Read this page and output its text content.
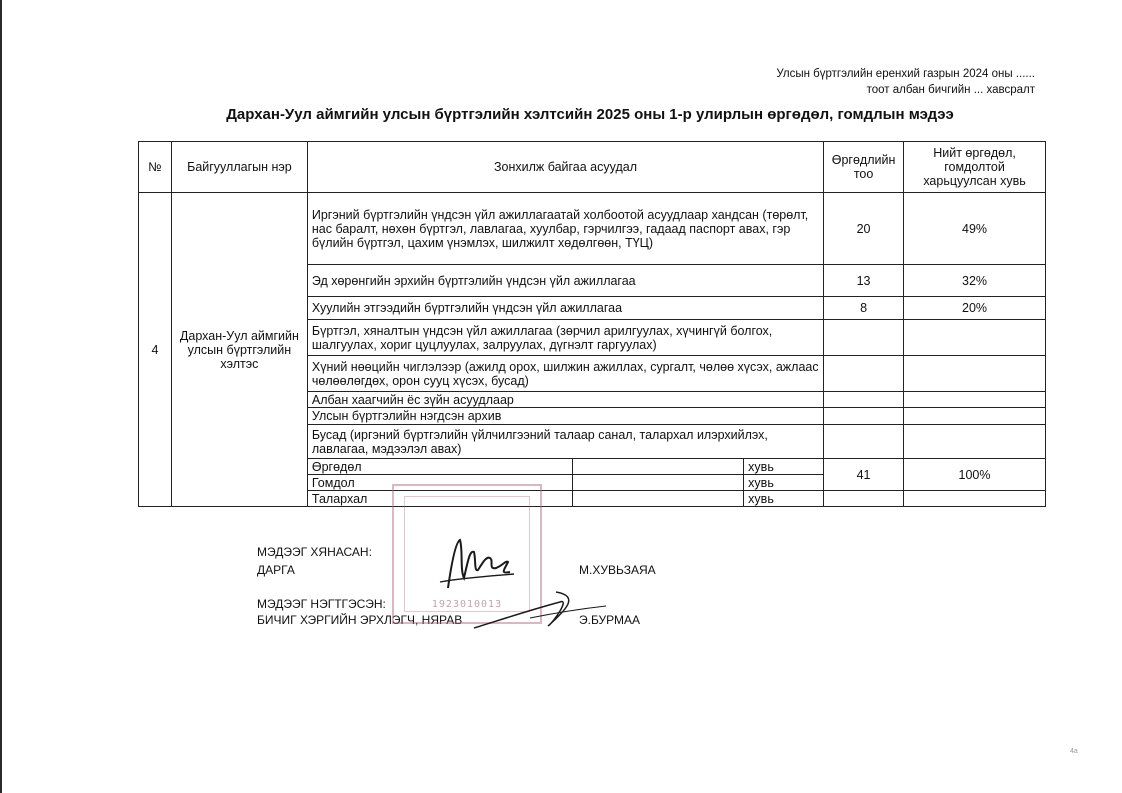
Улсын бүртгэлийн еренхий газрын 2024 оны ......
тоот албан бичгийн ... хавсралт
Дархан-Уул аймгийн улсын бүртгэлийн хэлтсийн 2025 оны 1-р улирлын өргөдөл, гомдлын мэдээ
№	Байгууллагын нэр	Зонхилж байгаа асуудал			Өргөдлийн тоо	Нийт өргөдөл, гомдолтой харьцуулсан хувь
4	Дархан-Уул аймгийн улсын бүртгэлийн хэлтэс	Иргэний бүртгэлийн үндсэн үйл ажиллагаатай холбоотой асуудлаар хандсан (төрөлт, нас баралт, нөхөн бүртгэл, лавлагаа, хуулбар, гэрчилгээ, гадаад паспорт авах, гэр бүлийн бүртгэл, цахим үнэмлэх, шилжилт хөдөлгөөн, ТҮЦ)			20	49%
		Эд хөрөнгийн эрхийн бүртгэлийн үндсэн үйл ажиллагаа			13	32%
		Хуулийн этгээдийн бүртгэлийн үндсэн үйл ажиллагаа			8	20%
		Бүртгэл, хяналтын үндсэн үйл ажиллагаа (зөрчил арилгуулах, хүчингүй болгох, шалгуулах, хориг цуцлуулах, залруулах, дүгнэлт гаргуулах)				
		Хүний нөөцийн чиглэлээр (ажилд орох, шилжин ажиллах, сургалт, чөлөө хүсэх, ажлаас чөлөөлөгдөх, орон сууц хүсэх, бусад)				
		Албан хаагчийн ёс зүйн асуудлаар				
		Улсын бүртгэлийн нэгдсэн архив				
		Бусад (иргэний бүртгэлийн үйлчилгээний талаар санал, талархал илэрхийлэх, лавлагаа, мэдээлэл авах)				
		Өргөдөл		хувь	41	100%
		Гомдол		хувь		
		Талархал		хувь		
МЭДЭЭГ ХЯНАСАН:
ДАРГА	М.ХУВЬЗАЯА
МЭДЭЭГ НЭГТГЭСЭН:
БИЧИГ ХЭРГИЙН ЭРХЛЭГЧ, НЯРАВ	Э.БУРМАА
1923010013
4a
